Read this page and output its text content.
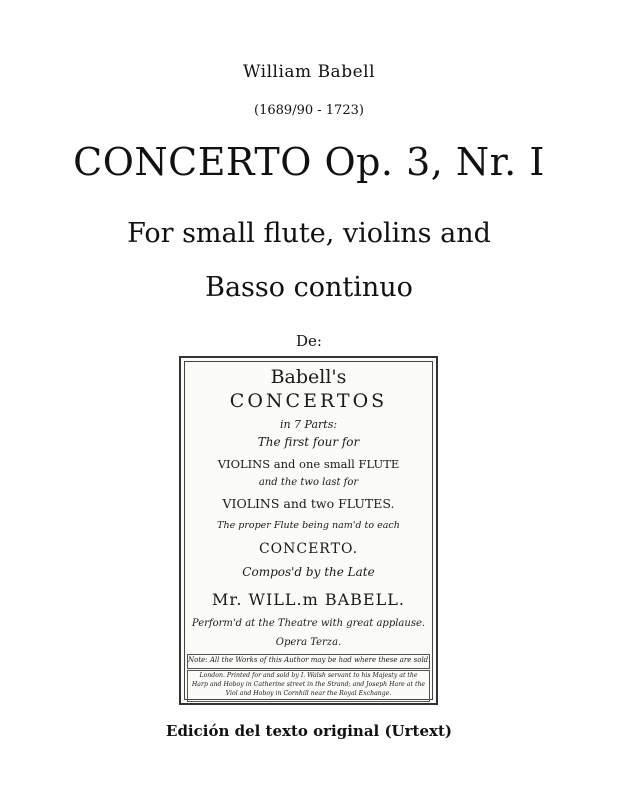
William Babell
(1689/90 - 1723)
CONCERTO Op. 3, Nr. I
For small flute, violins and
Basso continuo
De:
Babell's
CONCERTOS
in 7 Parts:
The first four for
VIOLINS and one small FLUTE
and the two last for
VIOLINS and two FLUTES.
The proper Flute being nam'd to each
CONCERTO.
Compos'd by the Late
Mr. WILL.m BABELL.
Perform'd at the Theatre with great applause.
Opera Terza.
Note: All the Works of this Author may be had where these are sold.
London. Printed for and sold by I. Walsh servant to his Majesty at the
Harp and Hoboy in Catherine street in the Strand; and Joseph Hare at the
Viol and Hoboy in Cornhill near the Royal Exchange.
Edición del texto original (Urtext)
